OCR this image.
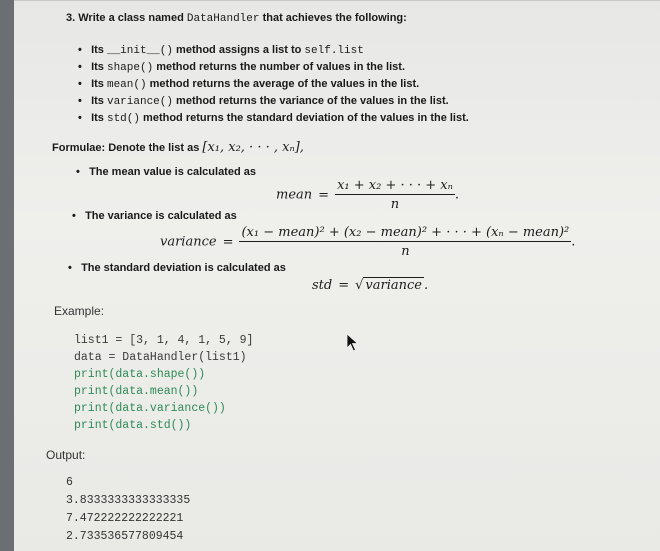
3. Write a class named DataHandler that achieves the following:
• Its __init__() method assigns a list to self.list
• Its shape() method returns the number of values in the list.
• Its mean() method returns the average of the values in the list.
• Its variance() method returns the variance of the values in the list.
• Its std() method returns the standard deviation of the values in the list.
Formulae: Denote the list as [x₁, x₂, · · · , xₙ],
• The mean value is calculated as
mean = $\frac{\text{x₁ + x₂ + · · · + xₙ}}{n}$ .
• The variance is calculated as
variance = $\frac{\text{(x₁ − mean)² + (x₂ − mean)² + · · · + (xₙ − mean)²}}{n}$ .
• The standard deviation is calculated as
std = √ variance .
Example:
list1 = [3, 1, 4, 1, 5, 9]
data = DataHandler(list1)
print(data.shape())
print(data.mean())
print(data.variance())
print(data.std())
Output:
6
3.8333333333333335
7.472222222222221
2.733536577809454
